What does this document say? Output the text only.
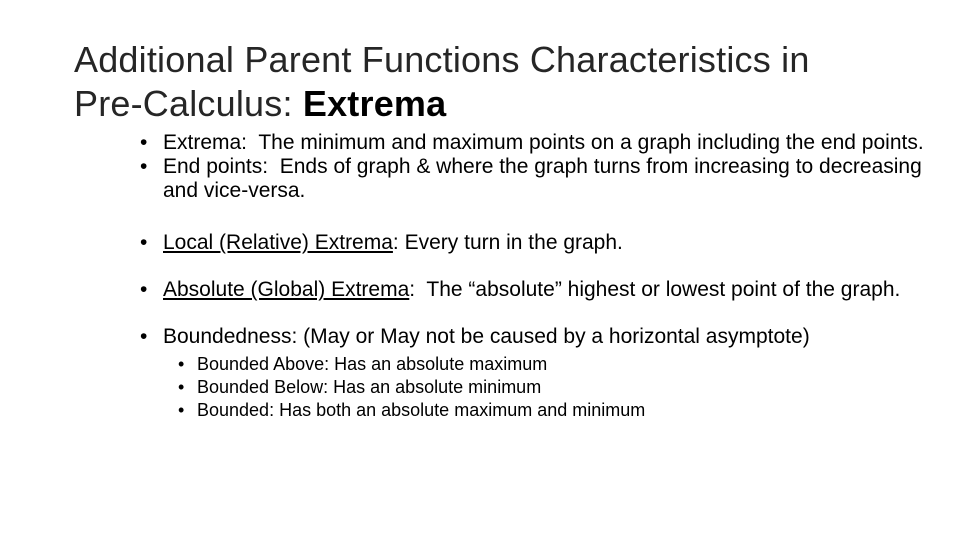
Additional Parent Functions Characteristics in
Pre-Calculus: Extrema
• Extrema:  The minimum and maximum points on a graph including the end points.
• End points:  Ends of graph & where the graph turns from increasing to decreasing and vice-versa.
• Local (Relative) Extrema: Every turn in the graph.
• Absolute (Global) Extrema:  The “absolute” highest or lowest point of the graph.
• Boundedness: (May or May not be caused by a horizontal asymptote)
• Bounded Above: Has an absolute maximum
• Bounded Below: Has an absolute minimum
• Bounded: Has both an absolute maximum and minimum
